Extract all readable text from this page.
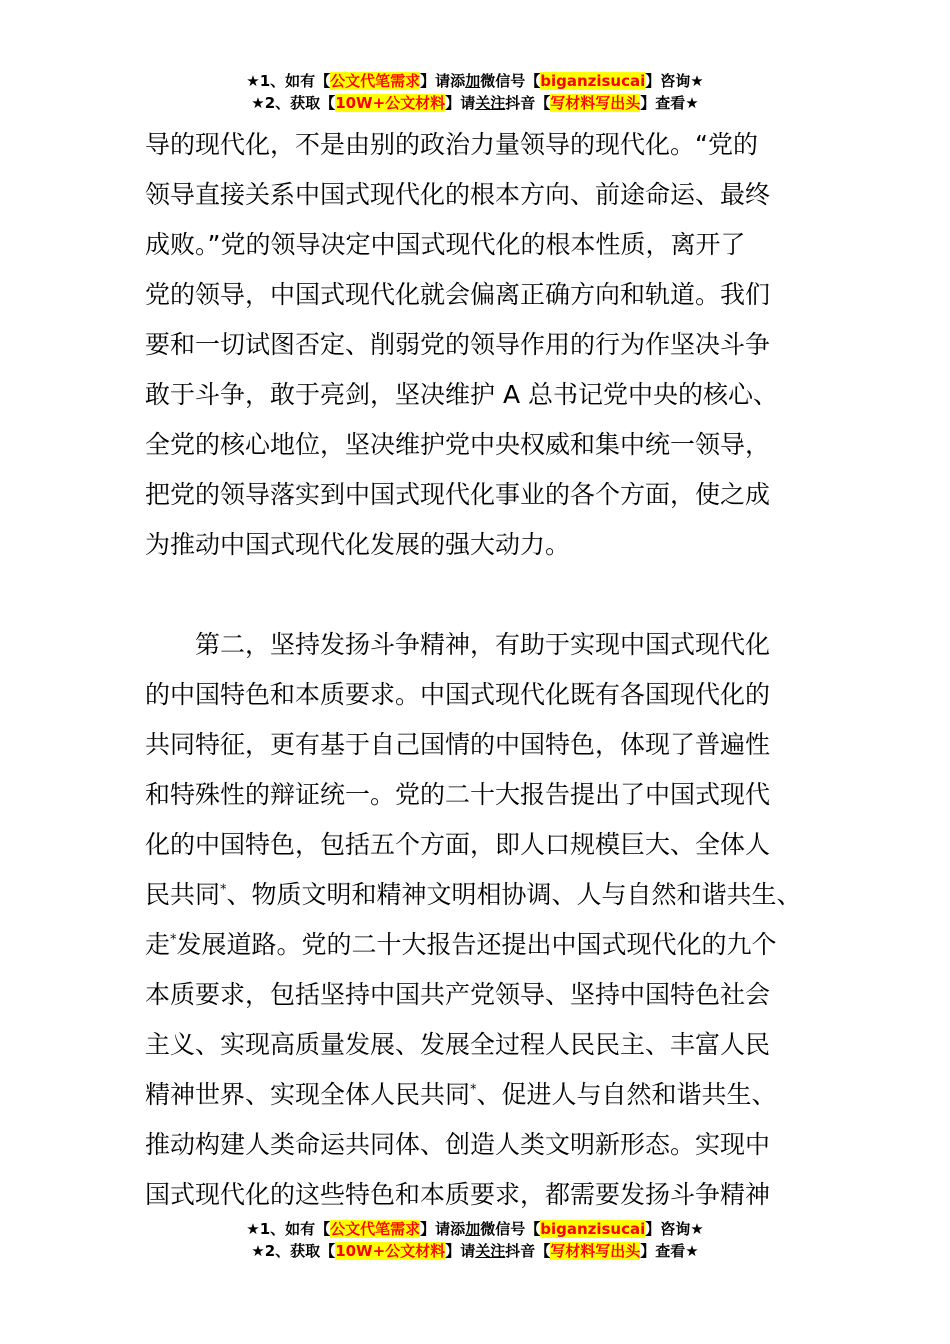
★1、如有【公文代笔需求】请添加微信号【biganzisucai】咨询★
★2、获取【10W+公文材料】请关注抖音【写材料写出头】查看★
导的现代化，不是由别的政治力量领导的现代化。“党的
领导直接关系中国式现代化的根本方向、前途命运、最终
成败。”党的领导决定中国式现代化的根本性质，离开了
党的领导，中国式现代化就会偏离正确方向和轨道。我们
要和一切试图否定、削弱党的领导作用的行为作坚决斗争
敢于斗争，敢于亮剑，坚决维护 A 总书记党中央的核心、
全党的核心地位，坚决维护党中央权威和集中统一领导，
把党的领导落实到中国式现代化事业的各个方面，使之成
为推动中国式现代化发展的强大动力。
第二，坚持发扬斗争精神，有助于实现中国式现代化
的中国特色和本质要求。中国式现代化既有各国现代化的
共同特征，更有基于自己国情的中国特色，体现了普遍性
和特殊性的辩证统一。党的二十大报告提出了中国式现代
化的中国特色，包括五个方面，即人口规模巨大、全体人
民共同*、物质文明和精神文明相协调、人与自然和谐共生、
走*发展道路。党的二十大报告还提出中国式现代化的九个
本质要求，包括坚持中国共产党领导、坚持中国特色社会
主义、实现高质量发展、发展全过程人民民主、丰富人民
精神世界、实现全体人民共同*、促进人与自然和谐共生、
推动构建人类命运共同体、创造人类文明新形态。实现中
国式现代化的这些特色和本质要求，都需要发扬斗争精神
★1、如有【公文代笔需求】请添加微信号【biganzisucai】咨询★
★2、获取【10W+公文材料】请关注抖音【写材料写出头】查看★
